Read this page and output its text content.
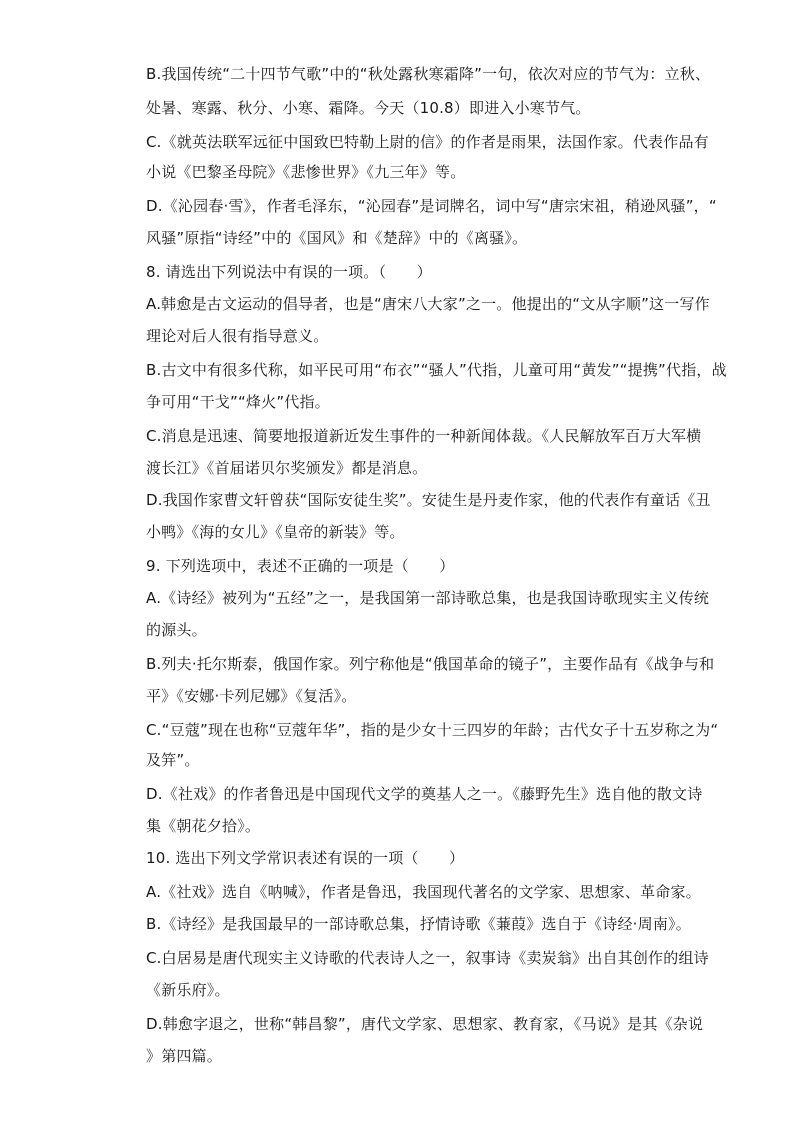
B.我国传统“二十四节气歌”中的“秋处露秋寒霜降”一句，依次对应的节气为：立秋、
处暑、寒露、秋分、小寒、霜降。今天（10.8）即进入小寒节气。
C.《就英法联军远征中国致巴特勒上尉的信》的作者是雨果，法国作家。代表作品有
小说《巴黎圣母院》《悲惨世界》《九三年》等。
D.《沁园春·雪》，作者毛泽东，“沁园春”是词牌名，词中写“唐宗宋祖，稍逊风骚”，“
风骚”原指“诗经”中的《国风》和《楚辞》中的《离骚》。
8. 请选出下列说法中有误的一项。（　　）
A.韩愈是古文运动的倡导者，也是“唐宋八大家”之一。他提出的“文从字顺”这一写作
理论对后人很有指导意义。
B.古文中有很多代称，如平民可用“布衣”“骚人”代指，儿童可用“黄发”“提携”代指，战
争可用“干戈”“烽火”代指。
C.消息是迅速、简要地报道新近发生事件的一种新闻体裁。《人民解放军百万大军横
渡长江》《首届诺贝尔奖颁发》都是消息。
D.我国作家曹文轩曾获“国际安徒生奖”。安徒生是丹麦作家，他的代表作有童话《丑
小鸭》《海的女儿》《皇帝的新装》等。
9. 下列选项中，表述不正确的一项是（　　）
A.《诗经》被列为“五经”之一，是我国第一部诗歌总集，也是我国诗歌现实主义传统
的源头。
B.列夫·托尔斯泰，俄国作家。列宁称他是“俄国革命的镜子”，主要作品有《战争与和
平》《安娜·卡列尼娜》《复活》。
C.“豆蔻”现在也称“豆蔻年华”，指的是少女十三四岁的年龄；古代女子十五岁称之为“
及笄”。
D.《社戏》的作者鲁迅是中国现代文学的奠基人之一。《藤野先生》选自他的散文诗
集《朝花夕拾》。
10. 选出下列文学常识表述有误的一项（　　）
A.《社戏》选自《呐喊》，作者是鲁迅，我国现代著名的文学家、思想家、革命家。
B.《诗经》是我国最早的一部诗歌总集，抒情诗歌《蒹葭》选自于《诗经·周南》。
C.白居易是唐代现实主义诗歌的代表诗人之一，叙事诗《卖炭翁》出自其创作的组诗
《新乐府》。
D.韩愈字退之，世称“韩昌黎”，唐代文学家、思想家、教育家，《马说》是其《杂说
》第四篇。
